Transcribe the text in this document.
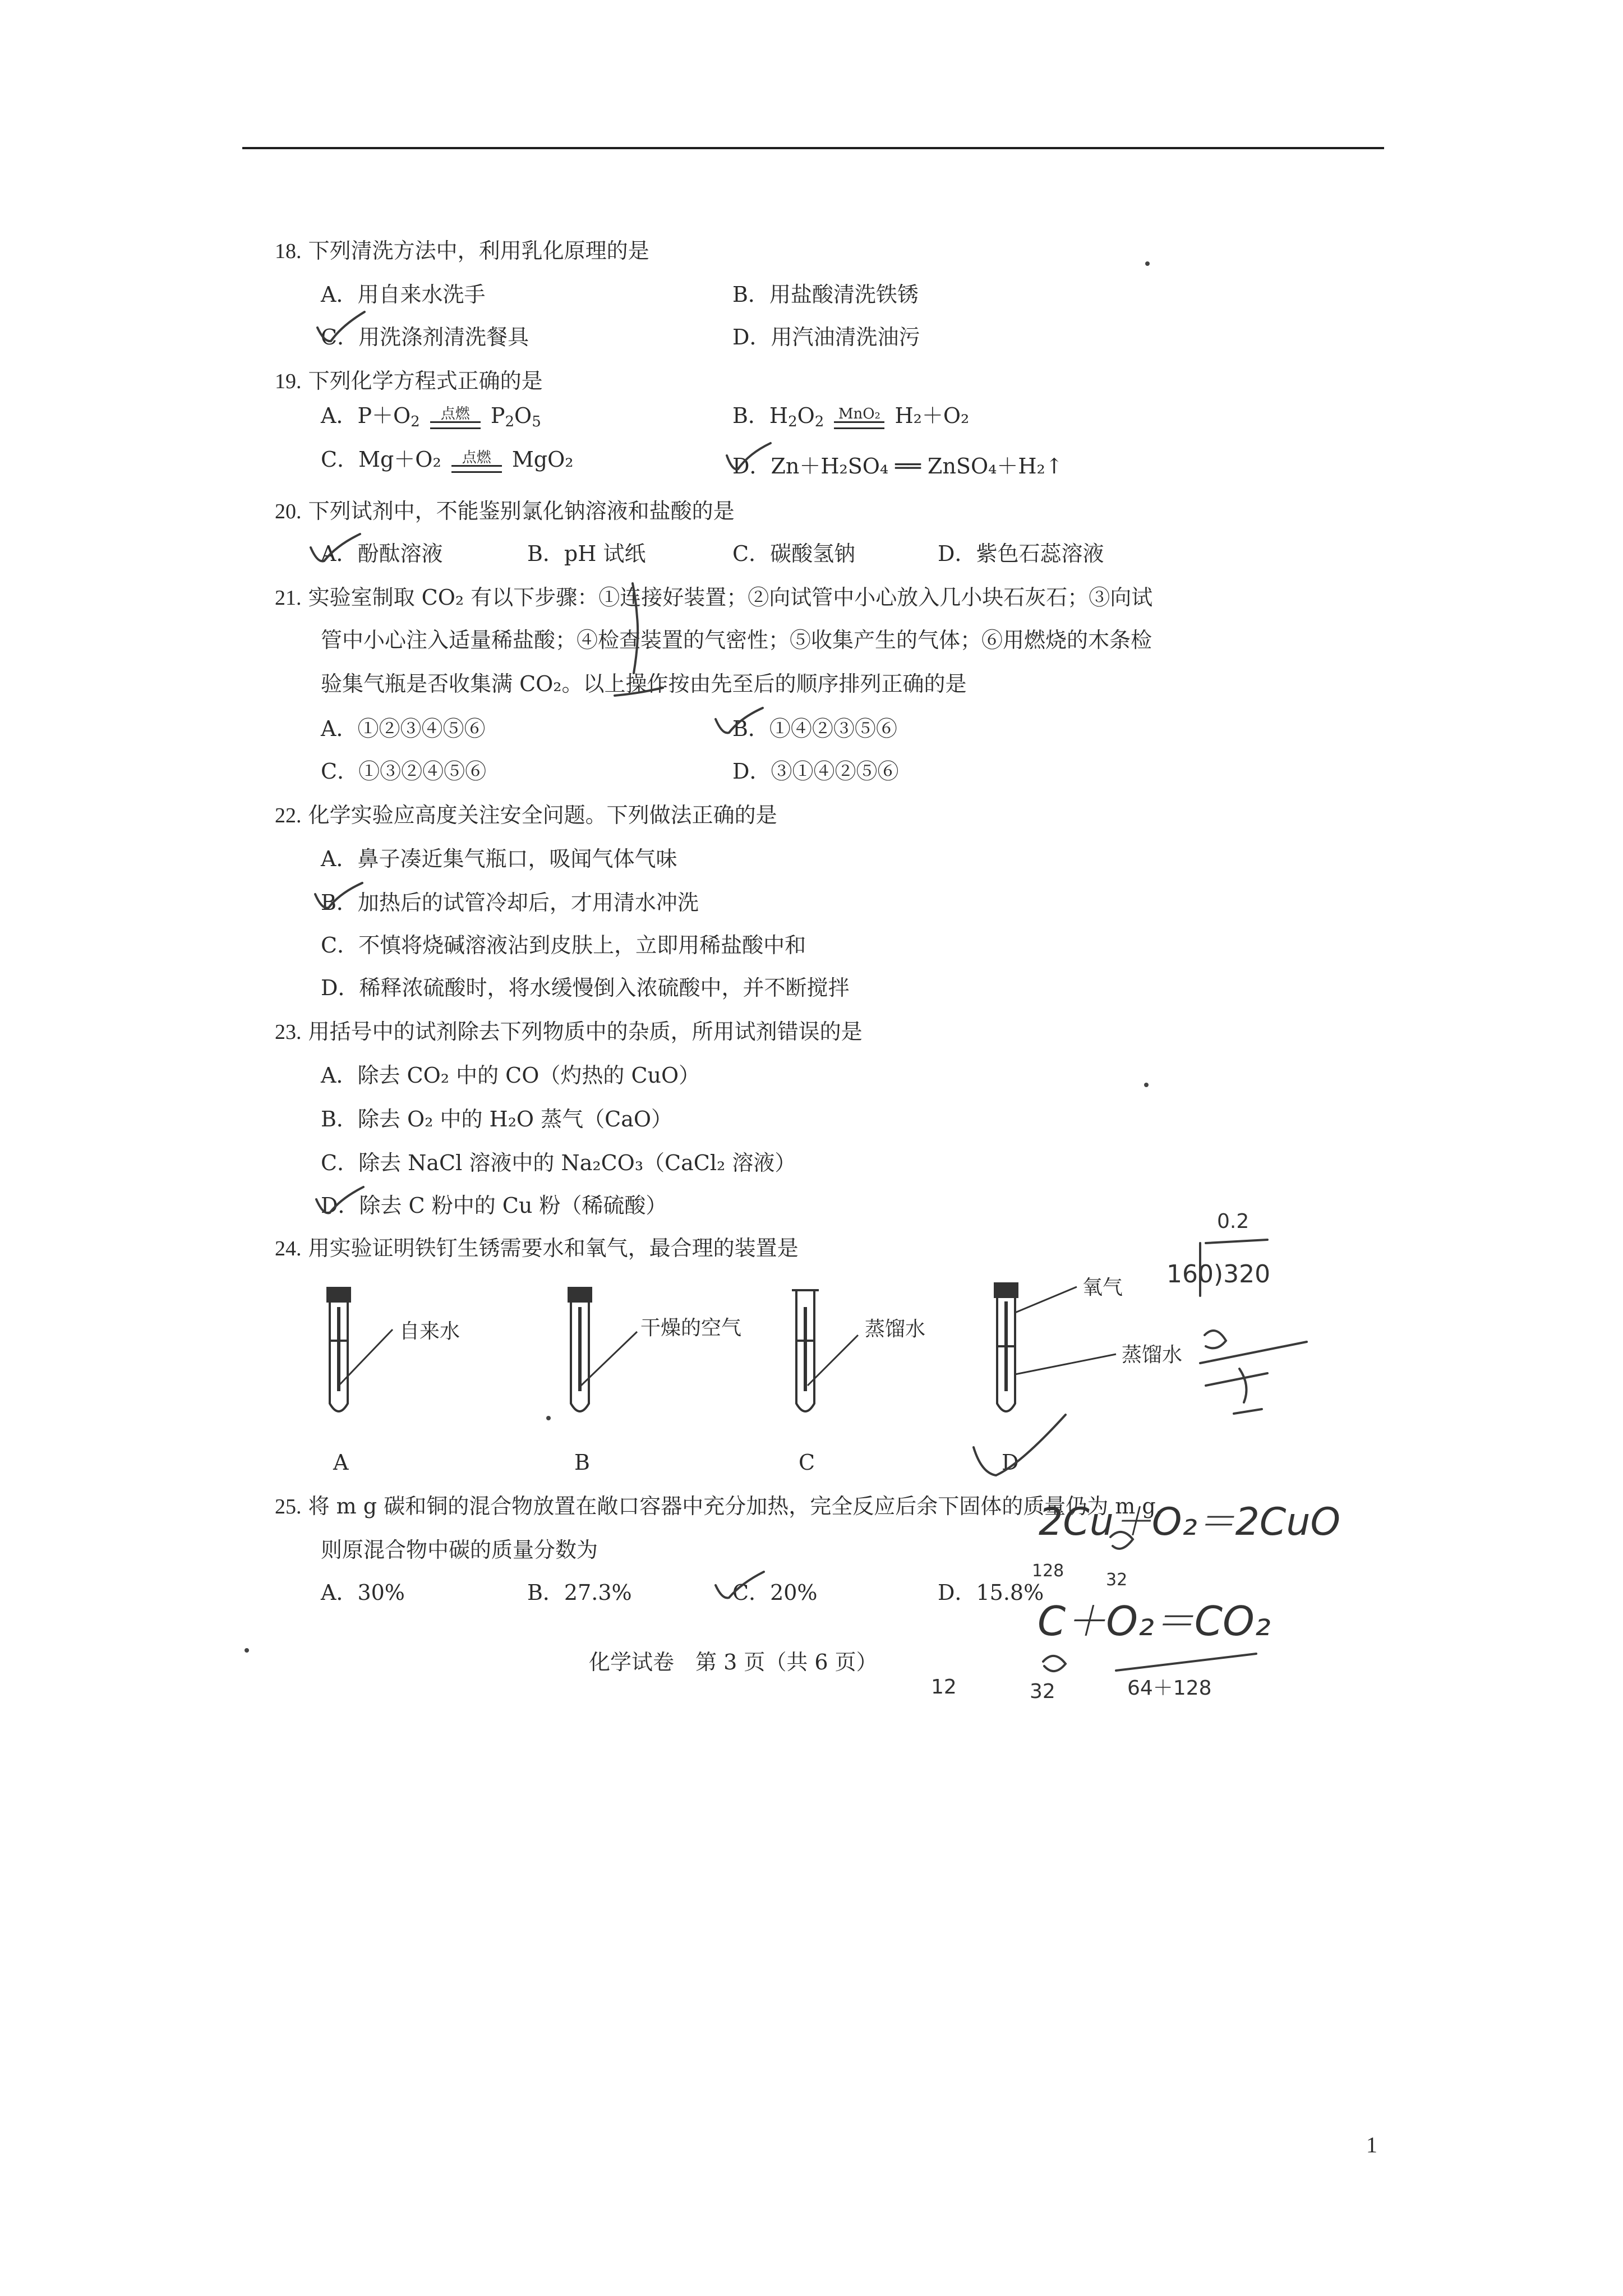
18. 下列清洗方法中，利用乳化原理的是
A．用自来水洗手	B．用盐酸清洗铁锈
C．用洗涤剂清洗餐具	D．用汽油清洗油污
19. 下列化学方程式正确的是
A．$P+O_2$	点燃 $P_2O_5$	B．$H_2O_2$ MnO₂ H₂＋O₂
C．Mg＋O₂	点燃 MgO₂	D．Zn＋H₂SO₄ ══ ZnSO₄＋H₂↑
20. 下列试剂中，不能鉴别氯化钠溶液和盐酸的是
A．酚酞溶液	B．pH 试纸	C．碳酸氢钠	D．紫色石蕊溶液
21. 实验室制取 CO₂ 有以下步骤：①连接好装置；②向试管中小心放入几小块石灰石；③向试
管中小心注入适量稀盐酸；④检查装置的气密性；⑤收集产生的气体；⑥用燃烧的木条检
验集气瓶是否收集满 CO₂。以上操作按由先至后的顺序排列正确的是
A．①②③④⑤⑥	B．①④②③⑤⑥
C．①③②④⑤⑥	D．③①④②⑤⑥
22. 化学实验应高度关注安全问题。下列做法正确的是
A．鼻子凑近集气瓶口，吸闻气体气味
B．加热后的试管冷却后，才用清水冲洗
C．不慎将烧碱溶液沾到皮肤上，立即用稀盐酸中和
D．稀释浓硫酸时，将水缓慢倒入浓硫酸中，并不断搅拌
23. 用括号中的试剂除去下列物质中的杂质，所用试剂错误的是
A．除去 CO₂ 中的 CO（灼热的 CuO）
B．除去 O₂ 中的 H₂O 蒸气（CaO）
C．除去 NaCl 溶液中的 Na₂CO₃（CaCl₂ 溶液）
D．除去 C 粉中的 Cu 粉（稀硫酸）
24. 用实验证明铁钉生锈需要水和氧气，最合理的装置是
自来水	干燥的空气	蒸馏水
氧气
蒸馏水
A	B	C	D
25. 将 m g 碳和铜的混合物放置在敞口容器中充分加热，完全反应后余下固体的质量仍为 m g，
则原混合物中碳的质量分数为
A．30%	B．27.3%	C．20%	D．15.8%
0.2
160)320
2Cu＋O₂＝2CuO
128 32
C＋O₂＝CO₂
12	32	64＋128
化学试卷　第 3 页（共 6 页）
1
